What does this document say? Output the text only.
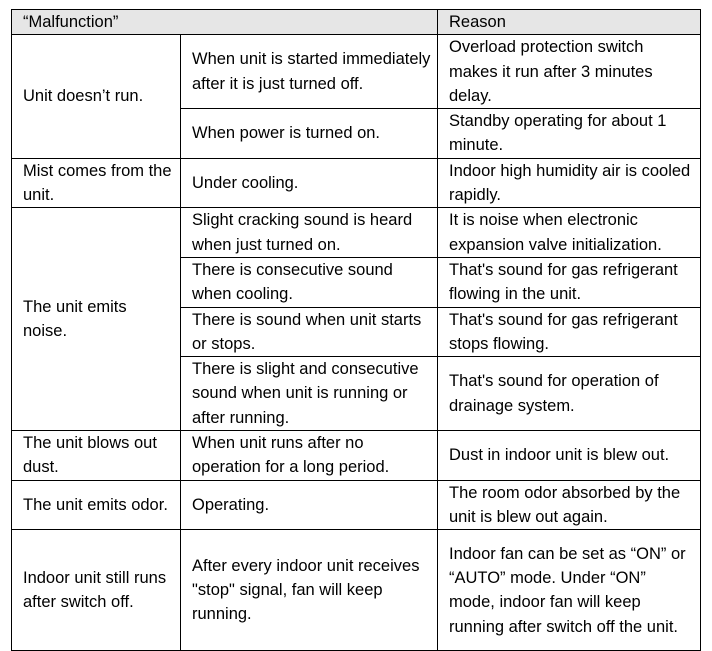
“Malfunction”		Reason
Unit doesn’t run.	When unit is started immediately after it is just turned off.	Overload protection switch makes it run after 3 minutes delay.
	When power is turned on.	Standby operating for about 1 minute.
Mist comes from the unit.	Under cooling.	Indoor high humidity air is cooled rapidly.
The unit emits noise.	Slight cracking sound is heard when just turned on.	It is noise when electronic expansion valve initialization.
	There is consecutive sound when cooling.	That's sound for gas refrigerant flowing in the unit.
	There is sound when unit starts or stops.	That's sound for gas refrigerant stops flowing.
	There is slight and consecutive sound when unit is running or after running.	That's sound for operation of drainage system.
The unit blows out dust.	When unit runs after no operation for a long period.	Dust in indoor unit is blew out.
The unit emits odor.	Operating.	The room odor absorbed by the unit is blew out again.
Indoor unit still runs after switch off.	After every indoor unit receives "stop" signal, fan will keep running.	Indoor fan can be set as “ON” or “AUTO” mode. Under “ON” mode, indoor fan will keep running after switch off the unit.
